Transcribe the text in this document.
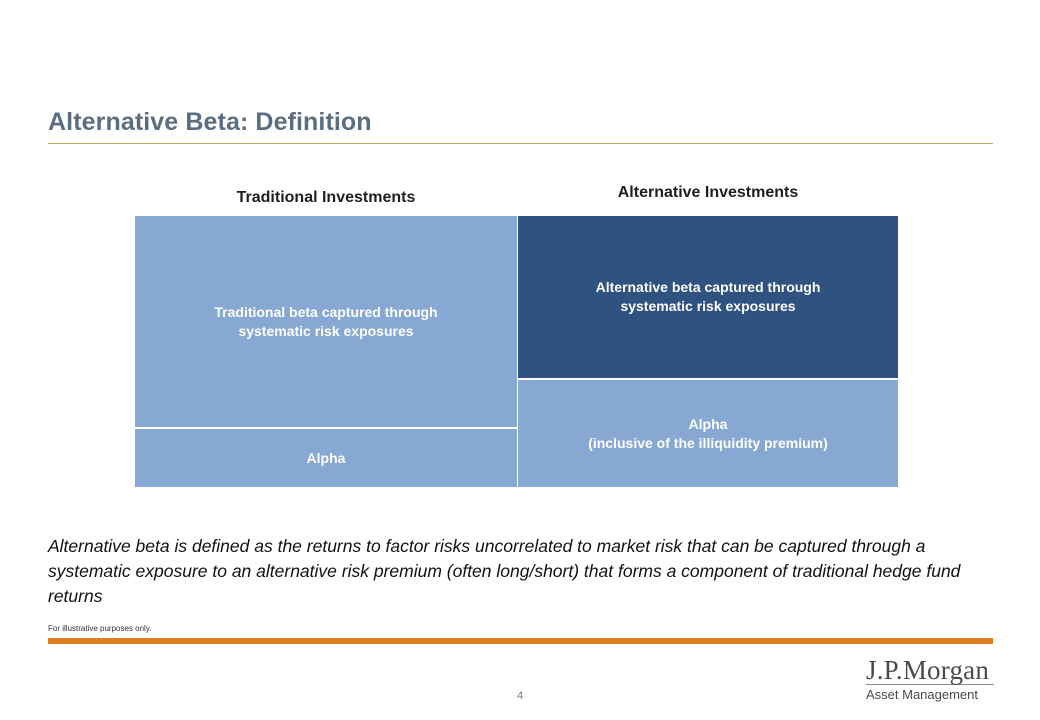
Alternative Beta: Definition
Traditional Investments	Alternative Investments
Traditional beta captured through
systematic risk exposures
Alpha
Alternative beta captured through
systematic risk exposures
Alpha
(inclusive of the illiquidity premium)
Alternative beta is defined as the returns to factor risks uncorrelated to market risk that can be captured through a systematic exposure to an alternative risk premium (often long/short) that forms a component of traditional hedge fund returns
For illustrative purposes only.
4
J.P.Morgan
Asset Management
